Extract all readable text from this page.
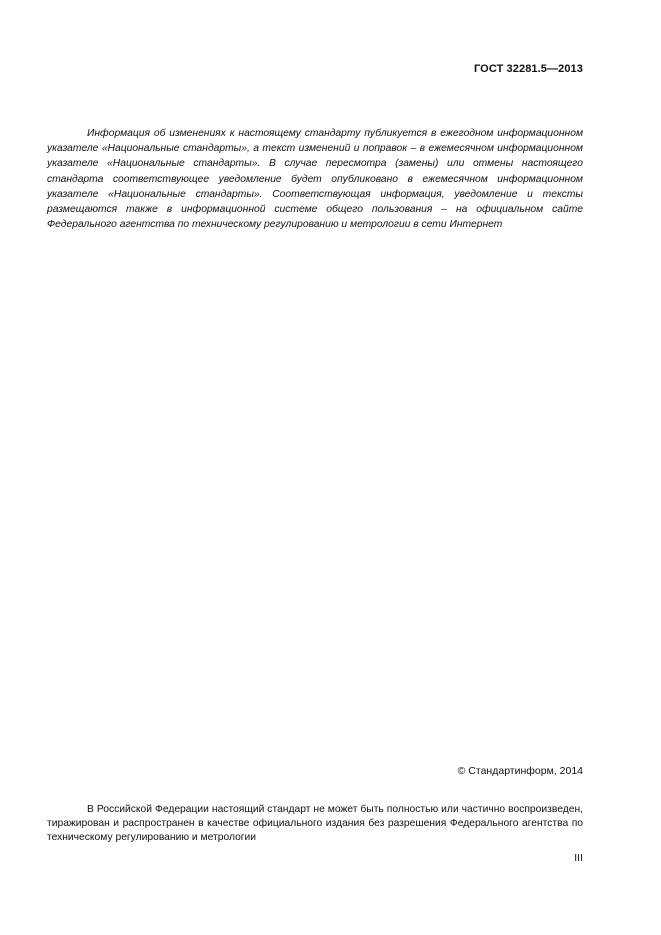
ГОСТ 32281.5—2013

Информация об изменениях к настоящему стандарту публикуется в ежегодном информационном указателе «Национальные стандарты», а текст изменений и поправок – в ежемесячном информационном указателе «Национальные стандарты». В случае пересмотра (замены) или отмены настоящего стандарта соответствующее уведомление будет опубликовано в ежемесячном информационном указателе «Национальные стандарты». Соответствующая информация, уведомление и тексты размещаются также в информационной системе общего пользования – на официальном сайте Федерального агентства по техническому регулированию и метрологии в сети Интернет

© Стандартинформ, 2014

В Российской Федерации настоящий стандарт не может быть полностью или частично воспроизведен, тиражирован и распространен в качестве официального издания без разрешения Федерального агентства по техническому регулированию и метрологии

III
